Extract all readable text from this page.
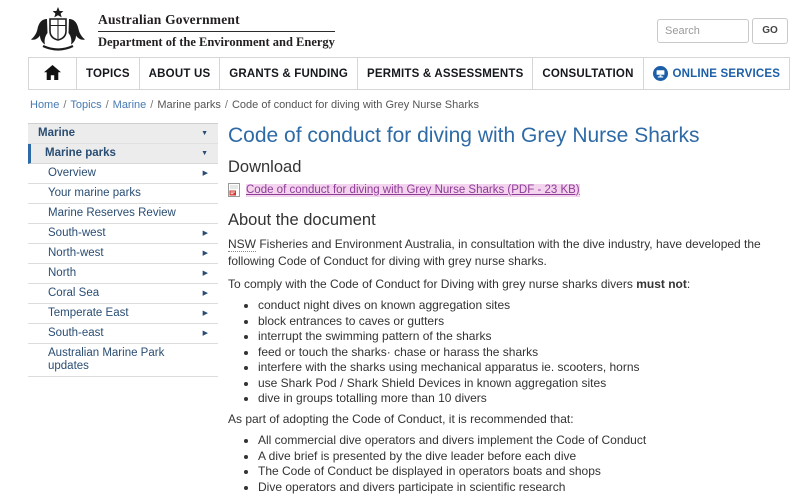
Australian Government
Department of the Environment and Energy
Search
GO
TOPICS ABOUT US GRANTS & FUNDING PERMITS & ASSESSMENTS CONSULTATION	ONLINE SERVICES
Home / Topics / Marine / Marine parks / Code of conduct for diving with Grey Nurse Sharks
Marine	▼
Marine parks	▼
Overview	▶
Your marine parks
Marine Reserves Review
South-west	▶
North-west	▶
North	▶
Coral Sea	▶
Temperate East	▶
South-east	▶
Australian Marine Park updates
Code of conduct for diving with Grey Nurse Sharks
Download
Code of conduct for diving with Grey Nurse Sharks (PDF - 23 KB)
About the document

NSW Fisheries and Environment Australia, in consultation with the dive industry, have developed the following Code of Conduct for diving with grey nurse sharks.

To comply with the Code of Conduct for Diving with grey nurse sharks divers must not:

• conduct night dives on known aggregation sites
• block entrances to caves or gutters
• interrupt the swimming pattern of the sharks
• feed or touch the sharks· chase or harass the sharks
• interfere with the sharks using mechanical apparatus ie. scooters, horns
• use Shark Pod / Shark Shield Devices in known aggregation sites
• dive in groups totalling more than 10 divers

As part of adopting the Code of Conduct, it is recommended that:

• All commercial dive operators and divers implement the Code of Conduct
• A dive brief is presented by the dive leader before each dive
• The Code of Conduct be displayed in operators boats and shops
• Dive operators and divers participate in scientific research
